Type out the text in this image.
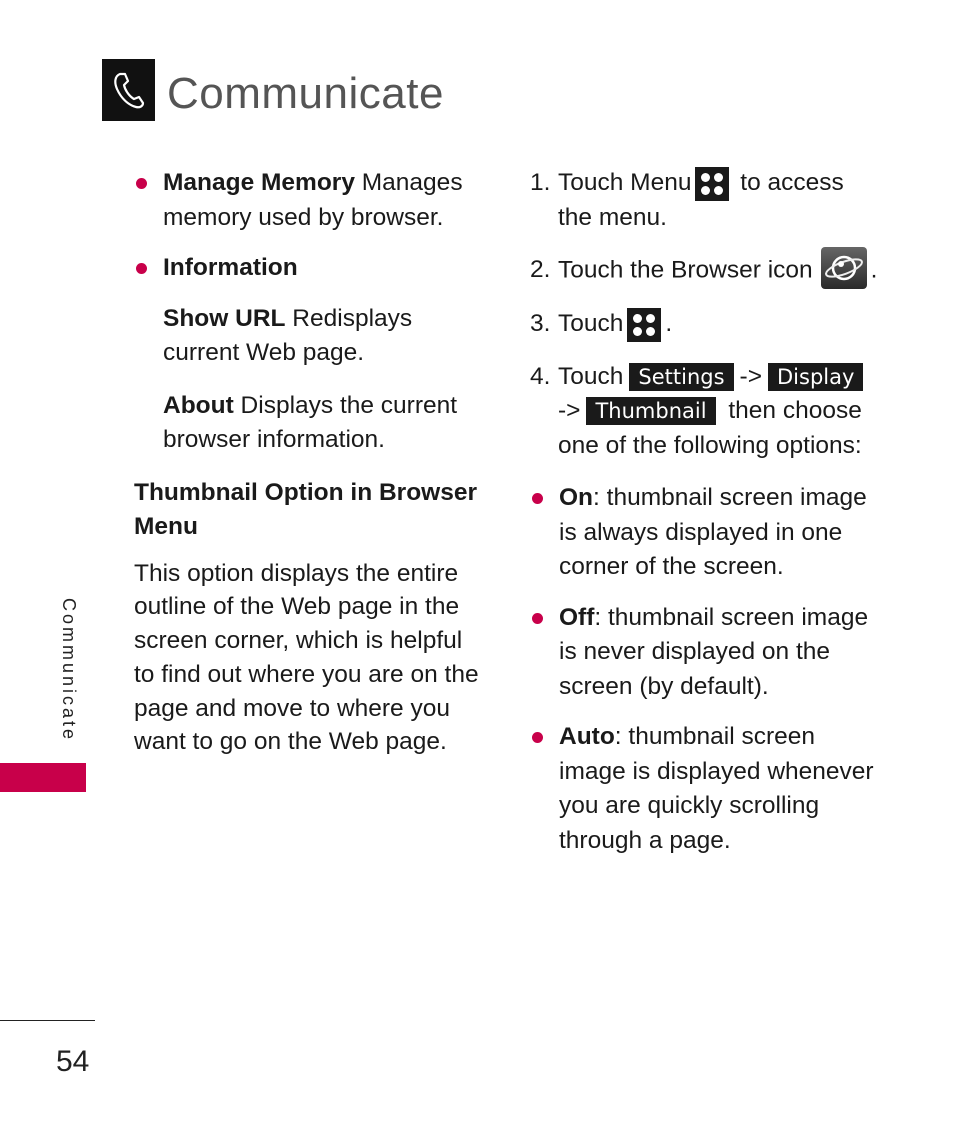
Communicate
Manage Memory Manages memory used by browser.
Information
Show URL Redisplays current Web page.
About Displays the current browser information.
Thumbnail Option in Browser Menu

This option displays the entire outline of the Web page in the screen corner, which is helpful to find out where you are on the page and move to where you want to go on the Web page.

1. Touch Menu
to access the menu.
2. Touch the Browser icon .
3. Touch .
4. Touch Settings -> Display -> Thumbnail then choose one of the following options:
On: thumbnail screen image is always displayed in one corner of the screen.
Off: thumbnail screen image is never displayed on the screen (by default).
Auto: thumbnail screen image is displayed whenever you are quickly scrolling through a page.
Communicate
54
